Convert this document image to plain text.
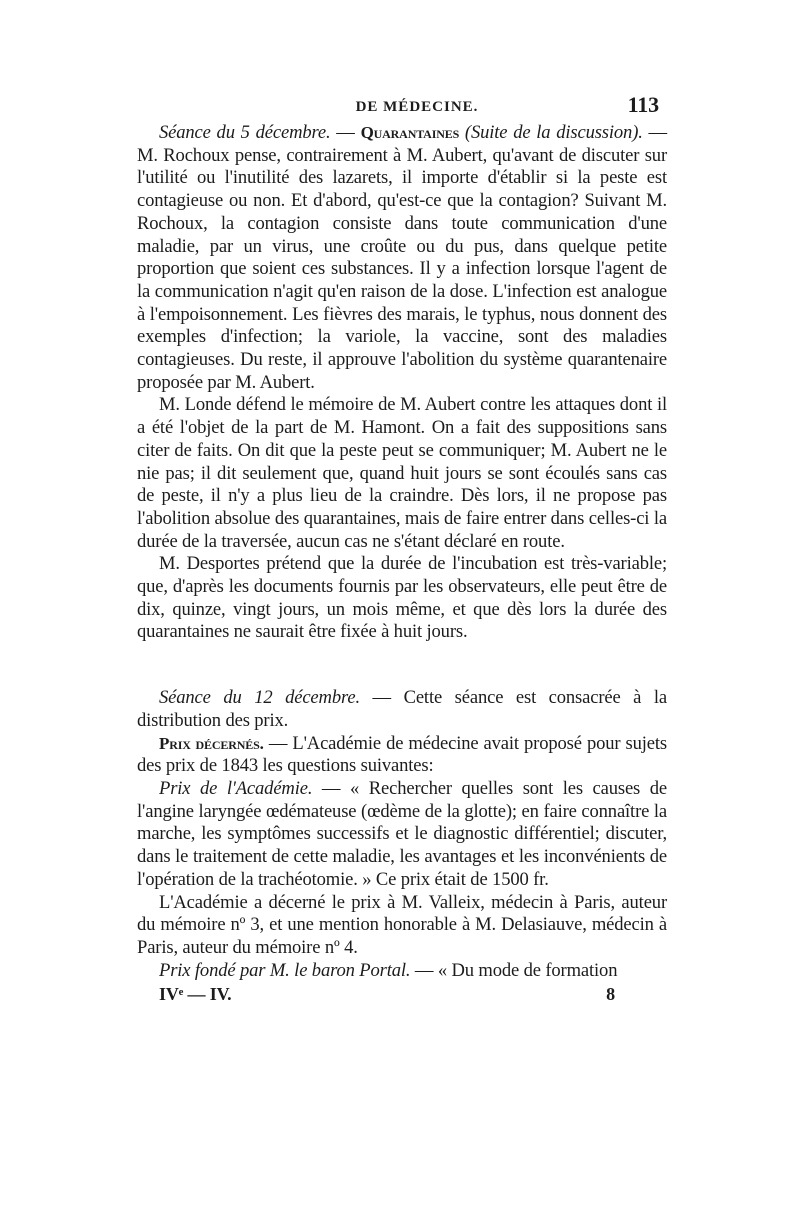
DE MÉDECINE.	113

Séance du 5 décembre. — Quarantaines (Suite de la discussion). — M. Rochoux pense, contrairement à M. Aubert, qu'avant de discuter sur l'utilité ou l'inutilité des lazarets, il importe d'établir si la peste est contagieuse ou non. Et d'abord, qu'est-ce que la contagion? Suivant M. Rochoux, la contagion consiste dans toute communication d'une maladie, par un virus, une croûte ou du pus, dans quelque petite proportion que soient ces substances. Il y a infection lorsque l'agent de la communication n'agit qu'en raison de la dose. L'infection est analogue à l'empoisonnement. Les fièvres des marais, le typhus, nous donnent des exemples d'infection; la variole, la vaccine, sont des maladies contagieuses. Du reste, il approuve l'abolition du système quarantenaire proposée par M. Aubert.

M. Londe défend le mémoire de M. Aubert contre les attaques dont il a été l'objet de la part de M. Hamont. On a fait des suppositions sans citer de faits. On dit que la peste peut se communiquer; M. Aubert ne le nie pas; il dit seulement que, quand huit jours se sont écoulés sans cas de peste, il n'y a plus lieu de la craindre. Dès lors, il ne propose pas l'abolition absolue des quarantaines, mais de faire entrer dans celles-ci la durée de la traversée, aucun cas ne s'étant déclaré en route.

M. Desportes prétend que la durée de l'incubation est très-variable; que, d'après les documents fournis par les observateurs, elle peut être de dix, quinze, vingt jours, un mois même, et que dès lors la durée des quarantaines ne saurait être fixée à huit jours.

Séance du 12 décembre. — Cette séance est consacrée à la distribution des prix.

Prix décernés. — L'Académie de médecine avait proposé pour sujets des prix de 1843 les questions suivantes:

Prix de l'Académie. — « Rechercher quelles sont les causes de l'angine laryngée œdémateuse (œdème de la glotte); en faire connaître la marche, les symptômes successifs et le diagnostic différentiel; discuter, dans le traitement de cette maladie, les avantages et les inconvénients de l'opération de la trachéotomie. » Ce prix était de 1500 fr.

L'Académie a décerné le prix à M. Valleix, médecin à Paris, auteur du mémoire nº 3, et une mention honorable à M. Delasiauve, médecin à Paris, auteur du mémoire nº 4.

Prix fondé par M. le baron Portal. — « Du mode de formation

IVᵉ — IV.	8
